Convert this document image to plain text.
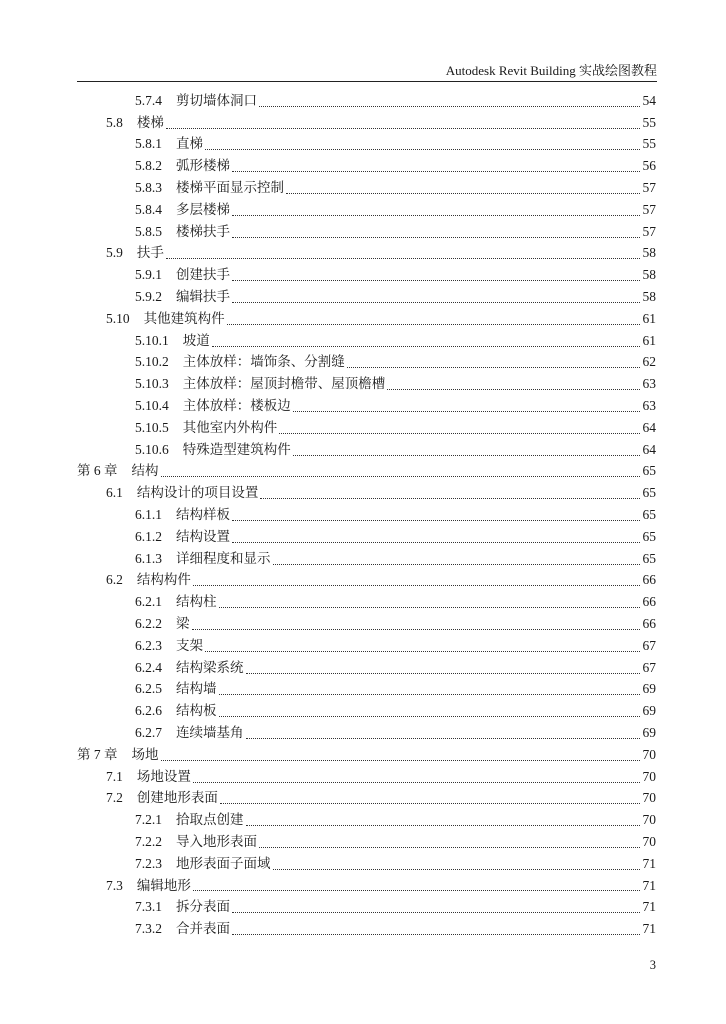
Autodesk Revit Building 实战绘图教程
5.7.4 剪切墙体洞口	54
5.8 楼梯	55
5.8.1 直梯	55
5.8.2 弧形楼梯	56
5.8.3 楼梯平面显示控制	57
5.8.4 多层楼梯	57
5.8.5 楼梯扶手	57
5.9 扶手	58
5.9.1 创建扶手	58
5.9.2 编辑扶手	58
5.10 其他建筑构件	61
5.10.1 坡道	61
5.10.2 主体放样：墙饰条、分割缝	62
5.10.3 主体放样：屋顶封檐带、屋顶檐槽	63
5.10.4 主体放样：楼板边	63
5.10.5 其他室内外构件	64
5.10.6 特殊造型建筑构件	64
第 6 章 结构	65
6.1 结构设计的项目设置	65
6.1.1 结构样板	65
6.1.2 结构设置	65
6.1.3 详细程度和显示	65
6.2 结构构件	66
6.2.1 结构柱	66
6.2.2 梁	66
6.2.3 支架	67
6.2.4 结构梁系统	67
6.2.5 结构墙	69
6.2.6 结构板	69
6.2.7 连续墙基角	69
第 7 章 场地	70
7.1 场地设置	70
7.2 创建地形表面	70
7.2.1 拾取点创建	70
7.2.2 导入地形表面	70
7.2.3 地形表面子面域	71
7.3 编辑地形	71
7.3.1 拆分表面	71
7.3.2 合并表面	71
3
